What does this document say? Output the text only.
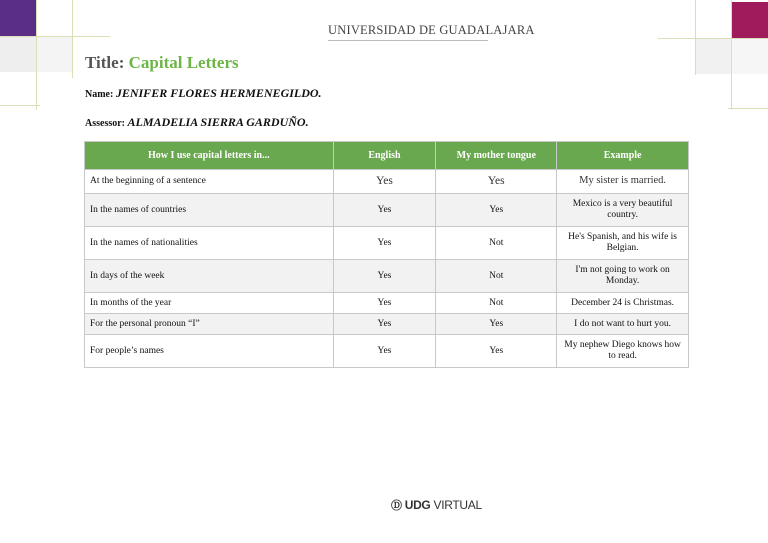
UNIVERSIDAD DE GUADALAJARA
Title: Capital Letters
Name: JENIFER FLORES HERMENEGILDO.
Assessor: ALMADELIA SIERRA GARDUÑO.
How I use capital letters in...	English	My mother tongue	Example
At the beginning of a sentence	Yes	Yes	My sister is married.
In the names of countries	Yes	Yes	Mexico is a very beautiful country.
In the names of nationalities	Yes	Not	He's Spanish, and his wife is Belgian.
In days of the week	Yes	Not	I'm not going to work on Monday.
In months of the year	Yes	Not	December 24 is Christmas.
For the personal pronoun “I”	Yes	Yes	I do not want to hurt you.
For people’s names	Yes	Yes	My nephew Diego knows how to read.
Ⓓ UDG VIRTUAL
